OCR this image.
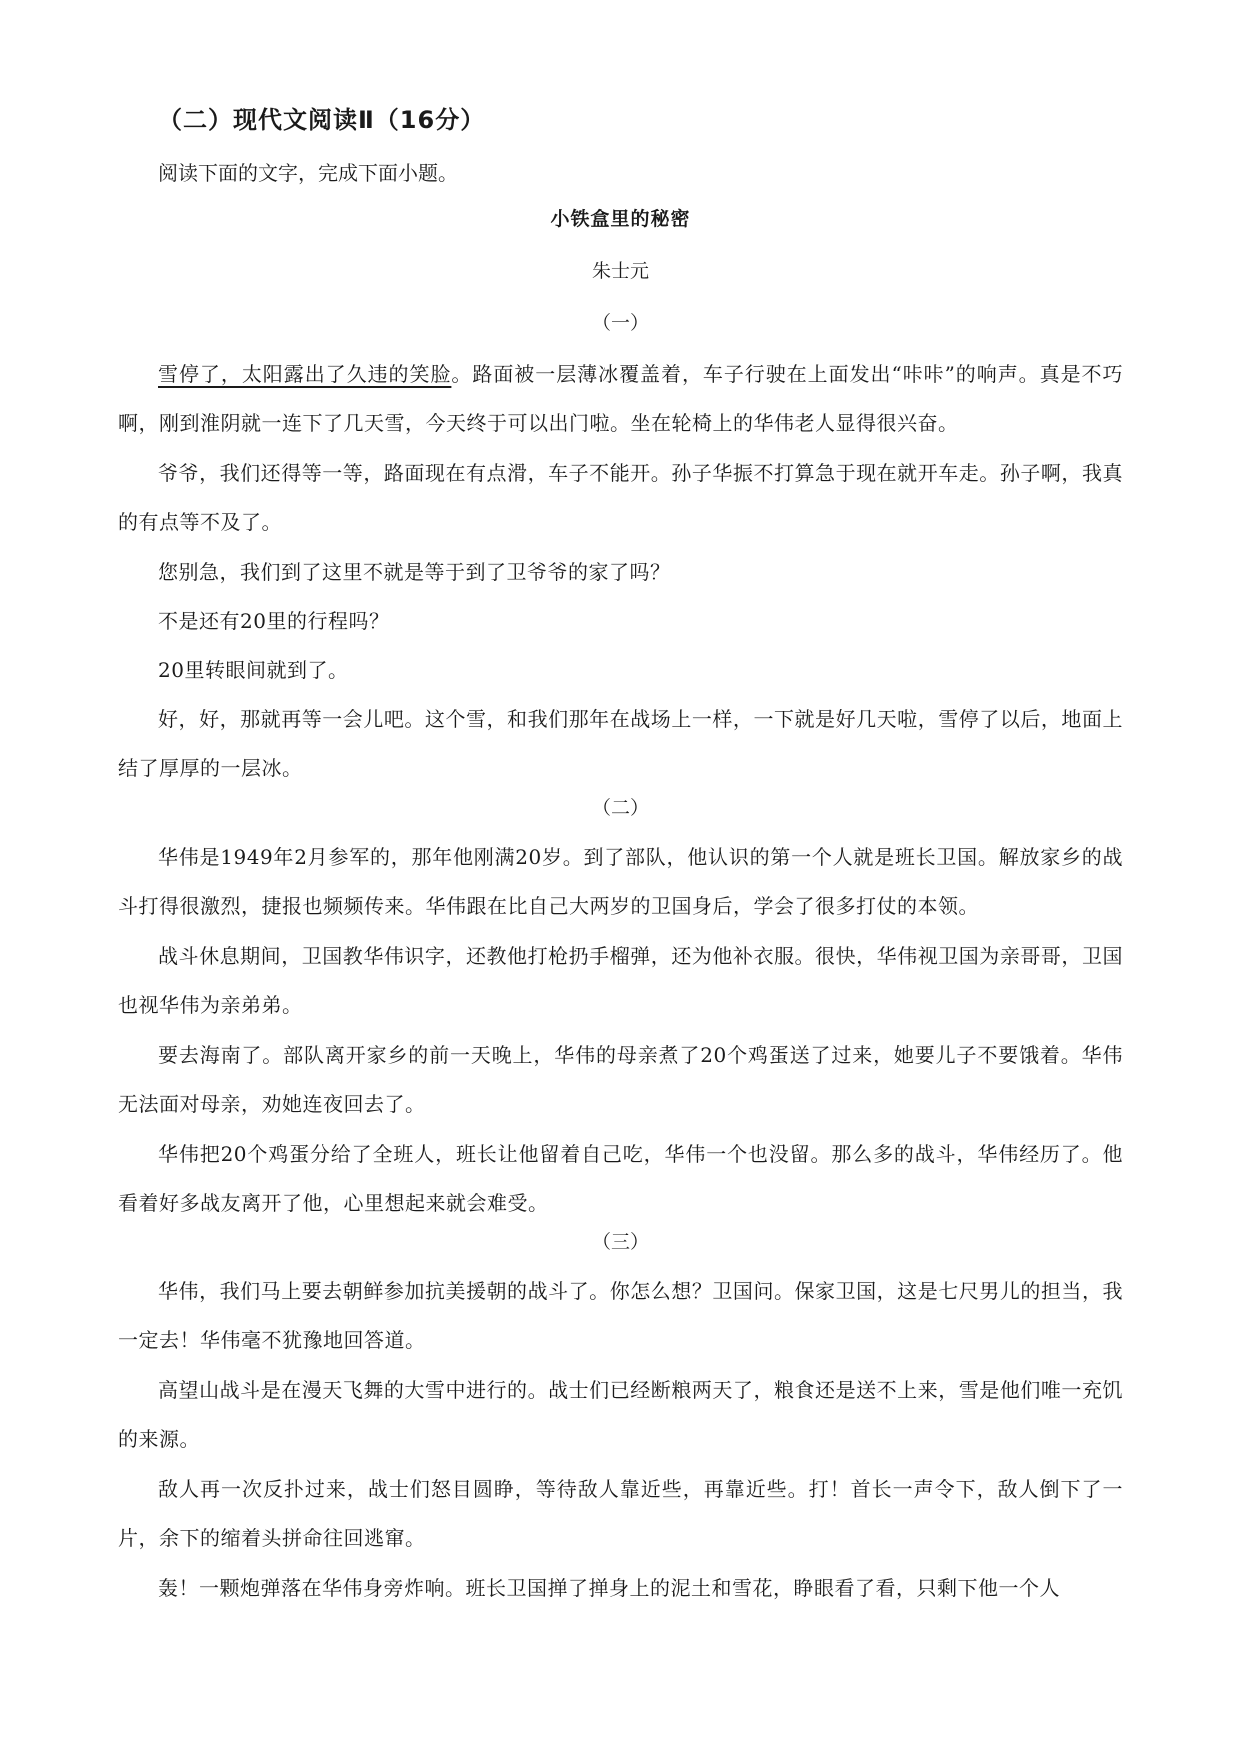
（二）现代文阅读Ⅱ（16分）
阅读下面的文字，完成下面小题。
小铁盒里的秘密
朱士元
（一）
雪停了，太阳露出了久违的笑脸。路面被一层薄冰覆盖着，车子行驶在上面发出“咔咔”的响声。真是不巧啊，刚到淮阴就一连下了几天雪，今天终于可以出门啦。坐在轮椅上的华伟老人显得很兴奋。
爷爷，我们还得等一等，路面现在有点滑，车子不能开。孙子华振不打算急于现在就开车走。孙子啊，我真的有点等不及了。
您别急，我们到了这里不就是等于到了卫爷爷的家了吗？
不是还有20里的行程吗？
20里转眼间就到了。
好，好，那就再等一会儿吧。这个雪，和我们那年在战场上一样，一下就是好几天啦，雪停了以后，地面上结了厚厚的一层冰。
（二）
华伟是1949年2月参军的，那年他刚满20岁。到了部队，他认识的第一个人就是班长卫国。解放家乡的战斗打得很激烈，捷报也频频传来。华伟跟在比自己大两岁的卫国身后，学会了很多打仗的本领。
战斗休息期间，卫国教华伟识字，还教他打枪扔手榴弹，还为他补衣服。很快，华伟视卫国为亲哥哥，卫国也视华伟为亲弟弟。
要去海南了。部队离开家乡的前一天晚上，华伟的母亲煮了20个鸡蛋送了过来，她要儿子不要饿着。华伟无法面对母亲，劝她连夜回去了。
华伟把20个鸡蛋分给了全班人，班长让他留着自己吃，华伟一个也没留。那么多的战斗，华伟经历了。他看着好多战友离开了他，心里想起来就会难受。
（三）
华伟，我们马上要去朝鲜参加抗美援朝的战斗了。你怎么想？卫国问。保家卫国，这是七尺男儿的担当，我一定去！华伟毫不犹豫地回答道。
高望山战斗是在漫天飞舞的大雪中进行的。战士们已经断粮两天了，粮食还是送不上来，雪是他们唯一充饥的来源。
敌人再一次反扑过来，战士们怒目圆睁，等待敌人靠近些，再靠近些。打！首长一声令下，敌人倒下了一片，余下的缩着头拼命往回逃窜。
轰！一颗炮弹落在华伟身旁炸响。班长卫国掸了掸身上的泥土和雪花，睁眼看了看，只剩下他一个人
